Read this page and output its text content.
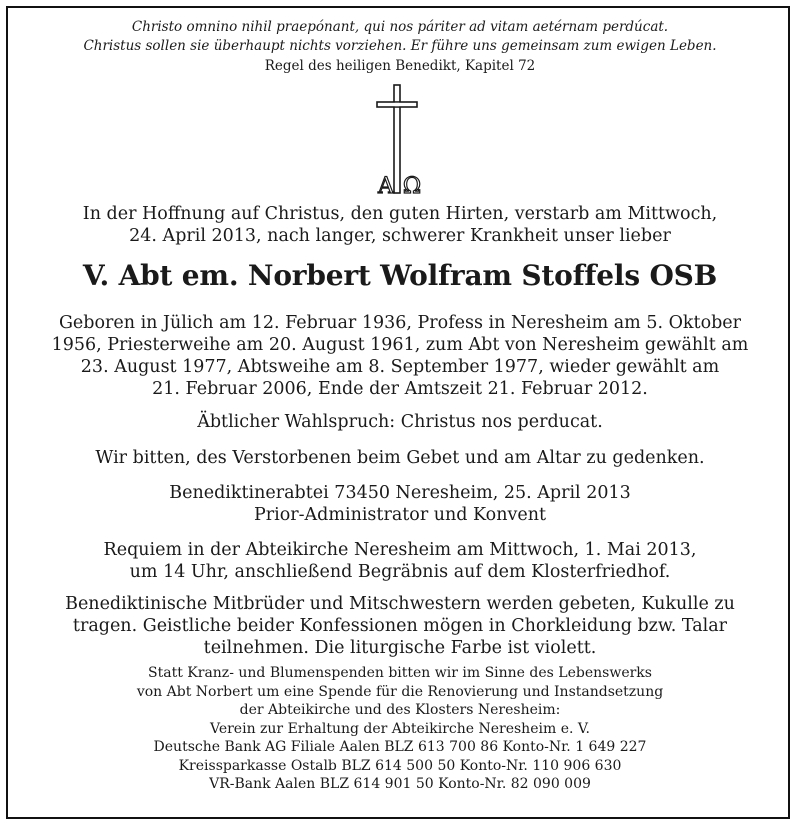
Christo omnino nihil praepónant, qui nos páriter ad vitam aetérnam perdúcat.
Christus sollen sie überhaupt nichts vorziehen. Er führe uns gemeinsam zum ewigen Leben.
Regel des heiligen Benedikt, Kapitel 72
A Ω
In der Hoffnung auf Christus, den guten Hirten, verstarb am Mittwoch,
24. April 2013, nach langer, schwerer Krankheit unser lieber
V. Abt em. Norbert Wolfram Stoffels OSB
Geboren in Jülich am 12. Februar 1936, Profess in Neresheim am 5. Oktober
1956, Priesterweihe am 20. August 1961, zum Abt von Neresheim gewählt am
23. August 1977, Abtsweihe am 8. September 1977, wieder gewählt am
21. Februar 2006, Ende der Amtszeit 21. Februar 2012.
Äbtlicher Wahlspruch: Christus nos perducat.
Wir bitten, des Verstorbenen beim Gebet und am Altar zu gedenken.
Benediktinerabtei 73450 Neresheim, 25. April 2013
Prior-Administrator und Konvent
Requiem in der Abteikirche Neresheim am Mittwoch, 1. Mai 2013,
um 14 Uhr, anschließend Begräbnis auf dem Klosterfriedhof.
Benediktinische Mitbrüder und Mitschwestern werden gebeten, Kukulle zu
tragen. Geistliche beider Konfessionen mögen in Chorkleidung bzw. Talar
teilnehmen. Die liturgische Farbe ist violett.
Statt Kranz- und Blumenspenden bitten wir im Sinne des Lebenswerks
von Abt Norbert um eine Spende für die Renovierung und Instandsetzung
der Abteikirche und des Klosters Neresheim:
Verein zur Erhaltung der Abteikirche Neresheim e. V.
Deutsche Bank AG Filiale Aalen BLZ 613 700 86 Konto-Nr. 1 649 227
Kreissparkasse Ostalb BLZ 614 500 50 Konto-Nr. 110 906 630
VR-Bank Aalen BLZ 614 901 50 Konto-Nr. 82 090 009
